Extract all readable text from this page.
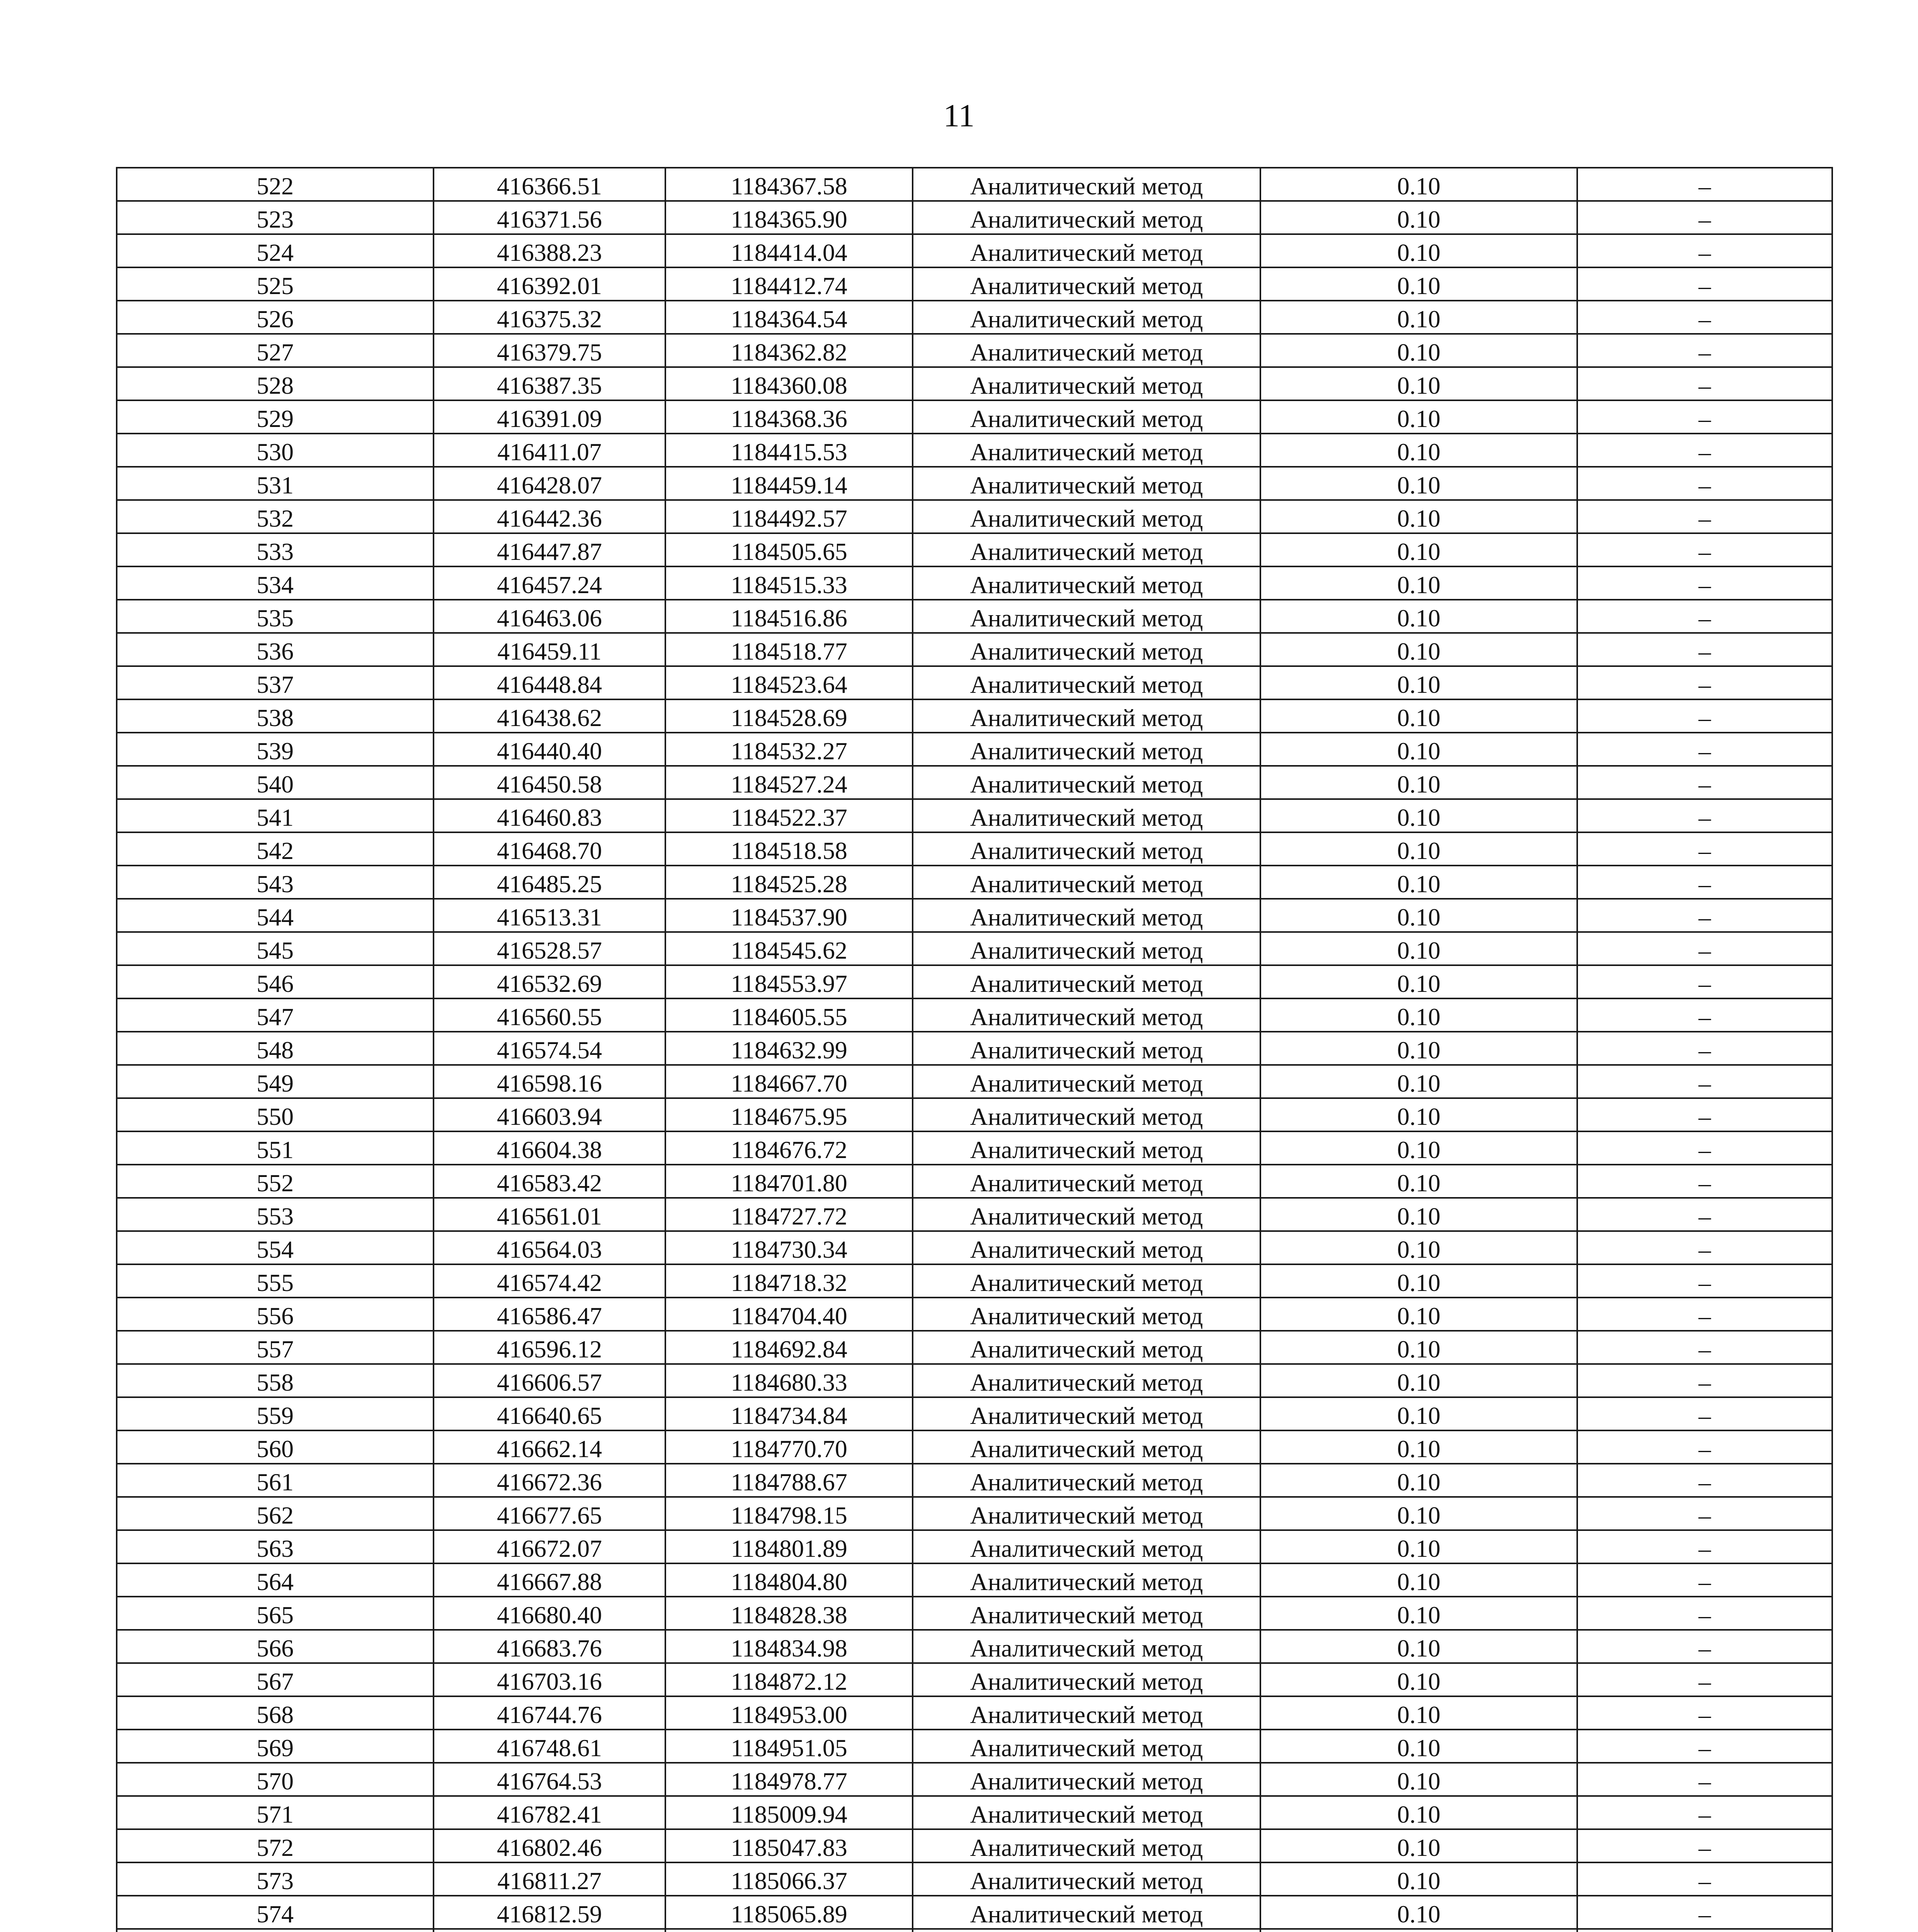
11
522	416366.51	1184367.58	Аналитический метод	0.10	–
523	416371.56	1184365.90	Аналитический метод	0.10	–
524	416388.23	1184414.04	Аналитический метод	0.10	–
525	416392.01	1184412.74	Аналитический метод	0.10	–
526	416375.32	1184364.54	Аналитический метод	0.10	–
527	416379.75	1184362.82	Аналитический метод	0.10	–
528	416387.35	1184360.08	Аналитический метод	0.10	–
529	416391.09	1184368.36	Аналитический метод	0.10	–
530	416411.07	1184415.53	Аналитический метод	0.10	–
531	416428.07	1184459.14	Аналитический метод	0.10	–
532	416442.36	1184492.57	Аналитический метод	0.10	–
533	416447.87	1184505.65	Аналитический метод	0.10	–
534	416457.24	1184515.33	Аналитический метод	0.10	–
535	416463.06	1184516.86	Аналитический метод	0.10	–
536	416459.11	1184518.77	Аналитический метод	0.10	–
537	416448.84	1184523.64	Аналитический метод	0.10	–
538	416438.62	1184528.69	Аналитический метод	0.10	–
539	416440.40	1184532.27	Аналитический метод	0.10	–
540	416450.58	1184527.24	Аналитический метод	0.10	–
541	416460.83	1184522.37	Аналитический метод	0.10	–
542	416468.70	1184518.58	Аналитический метод	0.10	–
543	416485.25	1184525.28	Аналитический метод	0.10	–
544	416513.31	1184537.90	Аналитический метод	0.10	–
545	416528.57	1184545.62	Аналитический метод	0.10	–
546	416532.69	1184553.97	Аналитический метод	0.10	–
547	416560.55	1184605.55	Аналитический метод	0.10	–
548	416574.54	1184632.99	Аналитический метод	0.10	–
549	416598.16	1184667.70	Аналитический метод	0.10	–
550	416603.94	1184675.95	Аналитический метод	0.10	–
551	416604.38	1184676.72	Аналитический метод	0.10	–
552	416583.42	1184701.80	Аналитический метод	0.10	–
553	416561.01	1184727.72	Аналитический метод	0.10	–
554	416564.03	1184730.34	Аналитический метод	0.10	–
555	416574.42	1184718.32	Аналитический метод	0.10	–
556	416586.47	1184704.40	Аналитический метод	0.10	–
557	416596.12	1184692.84	Аналитический метод	0.10	–
558	416606.57	1184680.33	Аналитический метод	0.10	–
559	416640.65	1184734.84	Аналитический метод	0.10	–
560	416662.14	1184770.70	Аналитический метод	0.10	–
561	416672.36	1184788.67	Аналитический метод	0.10	–
562	416677.65	1184798.15	Аналитический метод	0.10	–
563	416672.07	1184801.89	Аналитический метод	0.10	–
564	416667.88	1184804.80	Аналитический метод	0.10	–
565	416680.40	1184828.38	Аналитический метод	0.10	–
566	416683.76	1184834.98	Аналитический метод	0.10	–
567	416703.16	1184872.12	Аналитический метод	0.10	–
568	416744.76	1184953.00	Аналитический метод	0.10	–
569	416748.61	1184951.05	Аналитический метод	0.10	–
570	416764.53	1184978.77	Аналитический метод	0.10	–
571	416782.41	1185009.94	Аналитический метод	0.10	–
572	416802.46	1185047.83	Аналитический метод	0.10	–
573	416811.27	1185066.37	Аналитический метод	0.10	–
574	416812.59	1185065.89	Аналитический метод	0.10	–
